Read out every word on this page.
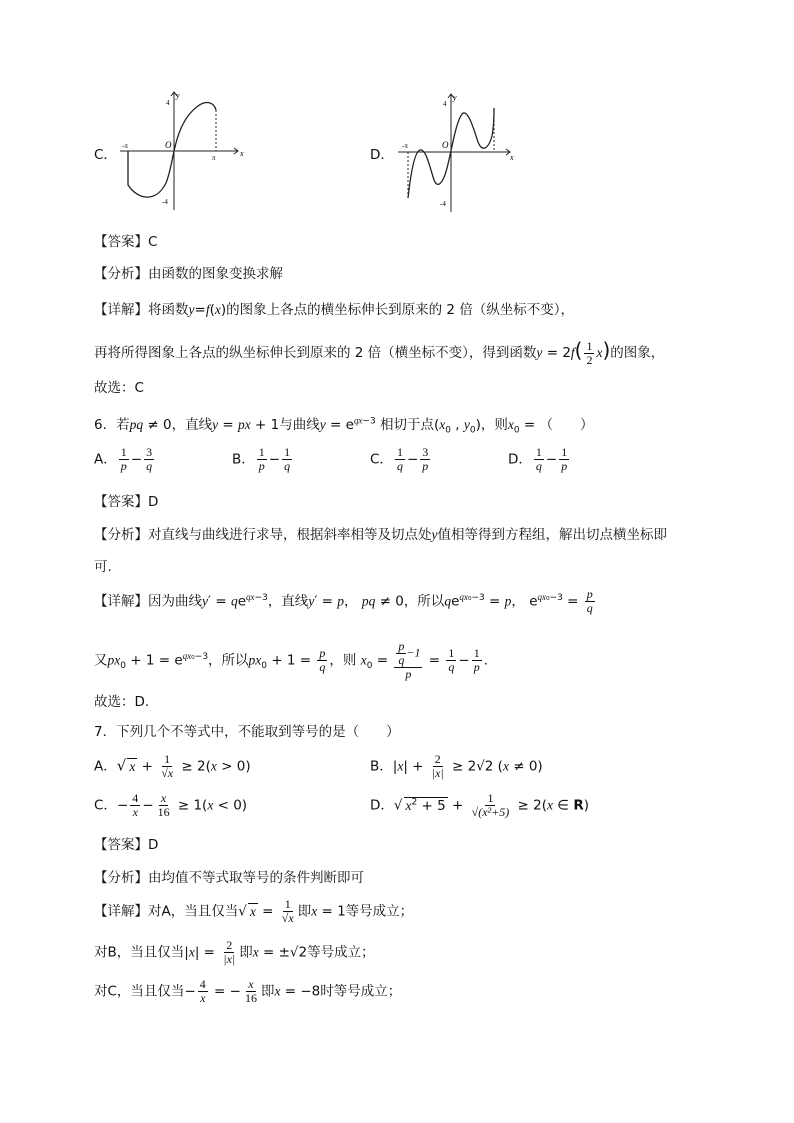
C．
y
x
O
π
-π
4
-4
D．
y
x
O
-π
4
-4
【答案】C
【分析】由函数的图象变换求解
【详解】将函数y=f(x)的图象上各点的横坐标伸长到原来的 2 倍（纵坐标不变），
再将所得图象上各点的纵坐标伸长到原来的 2 倍（横坐标不变），得到函数$y = 2f( \frac{1}{2} x)$的图象，
故选：C
6．若pq ≠ 0，直线y = px + 1与曲线$y = e^{qx-3}$ 相切于点($x_0$ , $y_0$)，则$x_0$ = （　　）
A． $\frac{1}{p} - \frac{3}{q}$	B． $\frac{1}{p} - \frac{1}{q}$	C． $\frac{1}{q} - \frac{3}{p}$	D． $\frac{1}{q} - \frac{1}{p}$
【答案】D
【分析】对直线与曲线进行求导，根据斜率相等及切点处y值相等得到方程组，解出切点横坐标即
可.
【详解】因为曲线$y' = qe^{qx-3}$，直线y′ = p， pq ≠ 0，所以$qe^{qx_0-3} = p$， $e^{qx_0-3} = \frac{p}{q}$
又$px_0 + 1 = e^{qx_0-3}$，所以$px_0 + 1 = \frac{p}{q}$ ，则 $x_0 = \frac{\frac{p}{q} -1}{p} = \frac{1}{q} - \frac{1}{p}$ .
故选：D.
7．下列几个不等式中，不能取到等号的是（　　）
A．√ $x + \frac{1}{√x} \ge 2(x > 0)$	B．$|x| + \frac{2}{|x|} \ge 2√2$ (x ≠ 0)
C．− $\frac{4}{x} - \frac{x}{16} \ge 1(x < 0)$	D．√ $x^2 + 5 + \frac{1}{\text{√(x²+5)}} \ge 2(x$ ∈ R)
【答案】D
【分析】由均值不等式取等号的条件判断即可
【详解】对A，当且仅当√ $x = \frac{1}{√x}$ 即x = 1等号成立；
对B，当且仅当$|x| = \frac{2}{|x|}$ 即x = ±√2等号成立；
对C，当且仅当− $\frac{4}{x}$ = − $\frac{x}{16}$ 即x = −8时等号成立；
